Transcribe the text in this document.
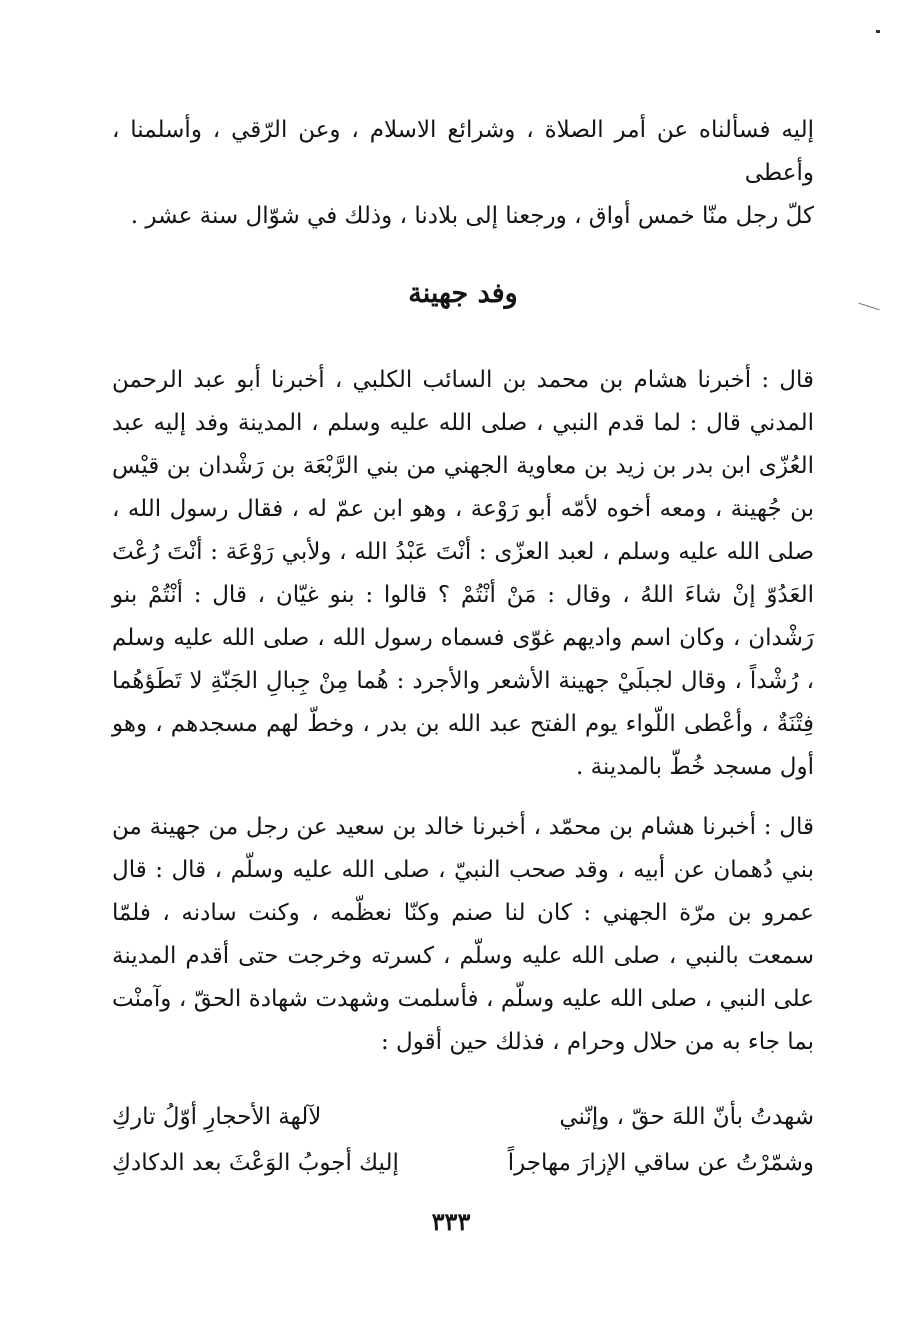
إليه فسألناه عن أمر الصلاة ، وشرائع الاسلام ، وعن الرّقي ، وأسلمنا ، وأعطى

كلّ رجل منّا خمس أواق ، ورجعنا إلى بلادنا ، وذلك في شوّال سنة عشر .

وفد جهينة

قال : أخبرنا هشام بن محمد بن السائب الكلبي ، أخبرنا أبو عبد الرحمن المدني قال : لما قدم النبي ، صلى الله عليه وسلم ، المدينة وفد إليه عبد العُزّى ابن بدر بن زيد بن معاوية الجهني من بني الرَّبْعَة بن رَشْدان بن قيْس بن جُهينة ، ومعه أخوه لأمّه أبو رَوْعة ، وهو ابن عمّ له ، فقال رسول الله ، صلى الله عليه وسلم ، لعبد العزّى : أنْتَ عَبْدُ الله ، ولأبي رَوْعَة : أنْتَ رُعْتَ العَدُوّ إنْ شاءَ اللهُ ، وقال : مَنْ أنْتُمْ ؟ قالوا : بنو غيّان ، قال : أنْتُمْ بنو رَشْدان ، وكان اسم واديهم غوّى فسماه رسول الله ، صلى الله عليه وسلم ، رُشْداً ، وقال لجبلَيْ جهينة الأشعر والأجرد : هُما مِنْ جِبالِ الجَنّةِ لا تَطَؤهُما فِتْنَةٌ ، وأعْطى اللّواء يوم الفتح عبد الله بن بدر ، وخطّ لهم مسجدهم ، وهو أول مسجد خُطّ بالمدينة .

قال : أخبرنا هشام بن محمّد ، أخبرنا خالد بن سعيد عن رجل من جهينة من بني دُهمان عن أبيه ، وقد صحب النبيّ ، صلى الله عليه وسلّم ، قال : قال عمرو بن مرّة الجهني : كان لنا صنم وكنّا نعظّمه ، وكنت سادنه ، فلمّا سمعت بالنبي ، صلى الله عليه وسلّم ، كسرته وخرجت حتى أقدم المدينة على النبي ، صلى الله عليه وسلّم ، فأسلمت وشهدت شهادة الحقّ ، وآمنْت بما جاء به من حلال وحرام ، فذلك حين أقول :

شهدتُ بأنّ اللهَ حقّ ، وإنّني
لآلهة الأحجارِ أوّلُ تاركِ
وشمّرْتُ عن ساقي الإزارَ مهاجراً
إليك أجوبُ الوَعْثَ بعد الدكادكِ
٣٣٣
